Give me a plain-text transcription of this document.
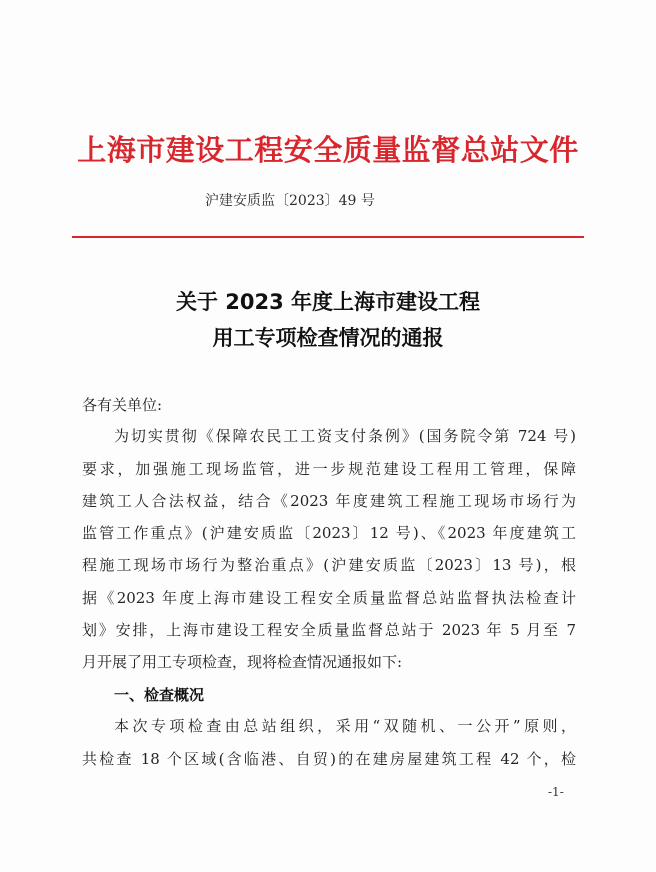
上海市建设工程安全质量监督总站文件
沪建安质监〔2023〕49 号
关于 2023 年度上海市建设工程
用工专项检查情况的通报
各有关单位:
为切实贯彻《保障农民工工资支付条例》(国务院令第 724 号)
要求，加强施工现场监管，进一步规范建设工程用工管理，保障
建筑工人合法权益，结合《2023 年度建筑工程施工现场市场行为
监管工作重点》(沪建安质监〔2023〕12 号)、《2023 年度建筑工
程施工现场市场行为整治重点》(沪建安质监〔2023〕13 号)，根
据《2023 年度上海市建设工程安全质量监督总站监督执法检查计
划》安排，上海市建设工程安全质量监督总站于 2023 年 5 月至 7
月开展了用工专项检查，现将检查情况通报如下:
一、检查概况
本次专项检查由总站组织，采用“双随机、一公开”原则，
共检查 18 个区域(含临港、自贸)的在建房屋建筑工程 42 个，检
-1-
